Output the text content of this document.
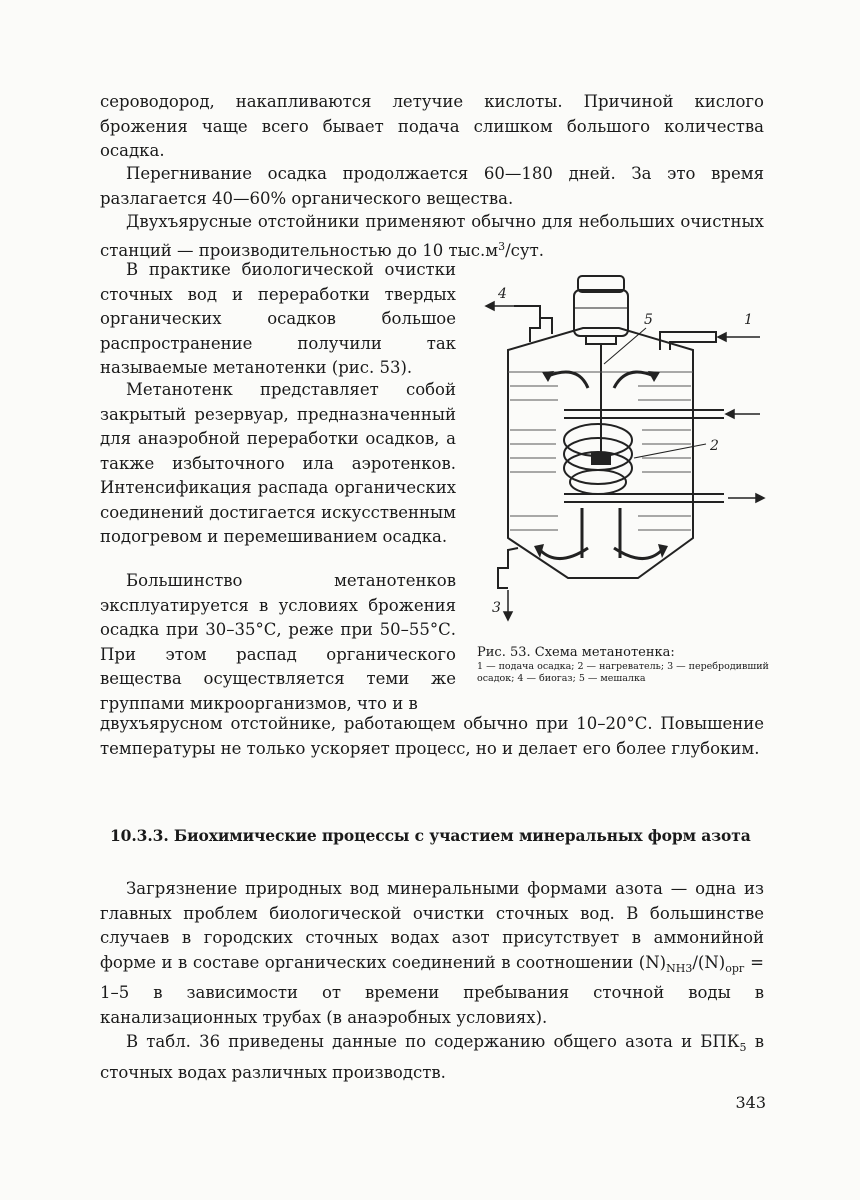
сероводород, накапливаются летучие кислоты. Причиной кислого брожения чаще всего бывает подача слишком большого количества осадка.

Перегнивание осадка продолжается 60—180 дней. За это время разлагается 40—60% органического вещества.

Двухъярусные отстойники применяют обычно для небольших очистных станций — производительностью до 10 $тыс.м^3$/сут.

В практике биологической очистки сточных вод и переработки твердых органических осадков большое распространение получили так называемые метанотенки (рис. 53).

Метанотенк представляет собой закрытый резервуар, предназначенный для анаэробной переработки осадков, а также избыточного ила аэротенков. Интенсификация распада органических соединений достигается искусственным подогревом и перемешиванием осадка.

Большинство метанотенков эксплуатируется в условиях брожения осадка при 30–35°С, реже при 50–55°С. При этом распад органического вещества осуществляется теми же группами микроорганизмов, что и в

двухъярусном отстойнике, работающем обычно при 10–20°С. Повышение температуры не только ускоряет процесс, но и делает его более глубоким.

4
5	1
2
3
Рис. 53. Схема метанотенка:
1 — подача осадка; 2 — нагреватель; 3 — перебродивший осадок; 4 — биогаз; 5 — мешалка
10.3.3. Биохимические процессы с участием минеральных форм азота

Загрязнение природных вод минеральными формами азота — одна из главных проблем биологической очистки сточных вод. В большинстве случаев в городских сточных водах азот присутствует в аммонийной форме и в составе органических соединений в соотношении $(N)_{NH3}/(N)_{орг} = 1-5$ в зависимости от времени пребывания сточной воды в канализационных трубах (в анаэробных условиях).

В табл. 36 приведены данные по содержанию общего азота и $БПК_5$ в сточных водах различных производств.

343
